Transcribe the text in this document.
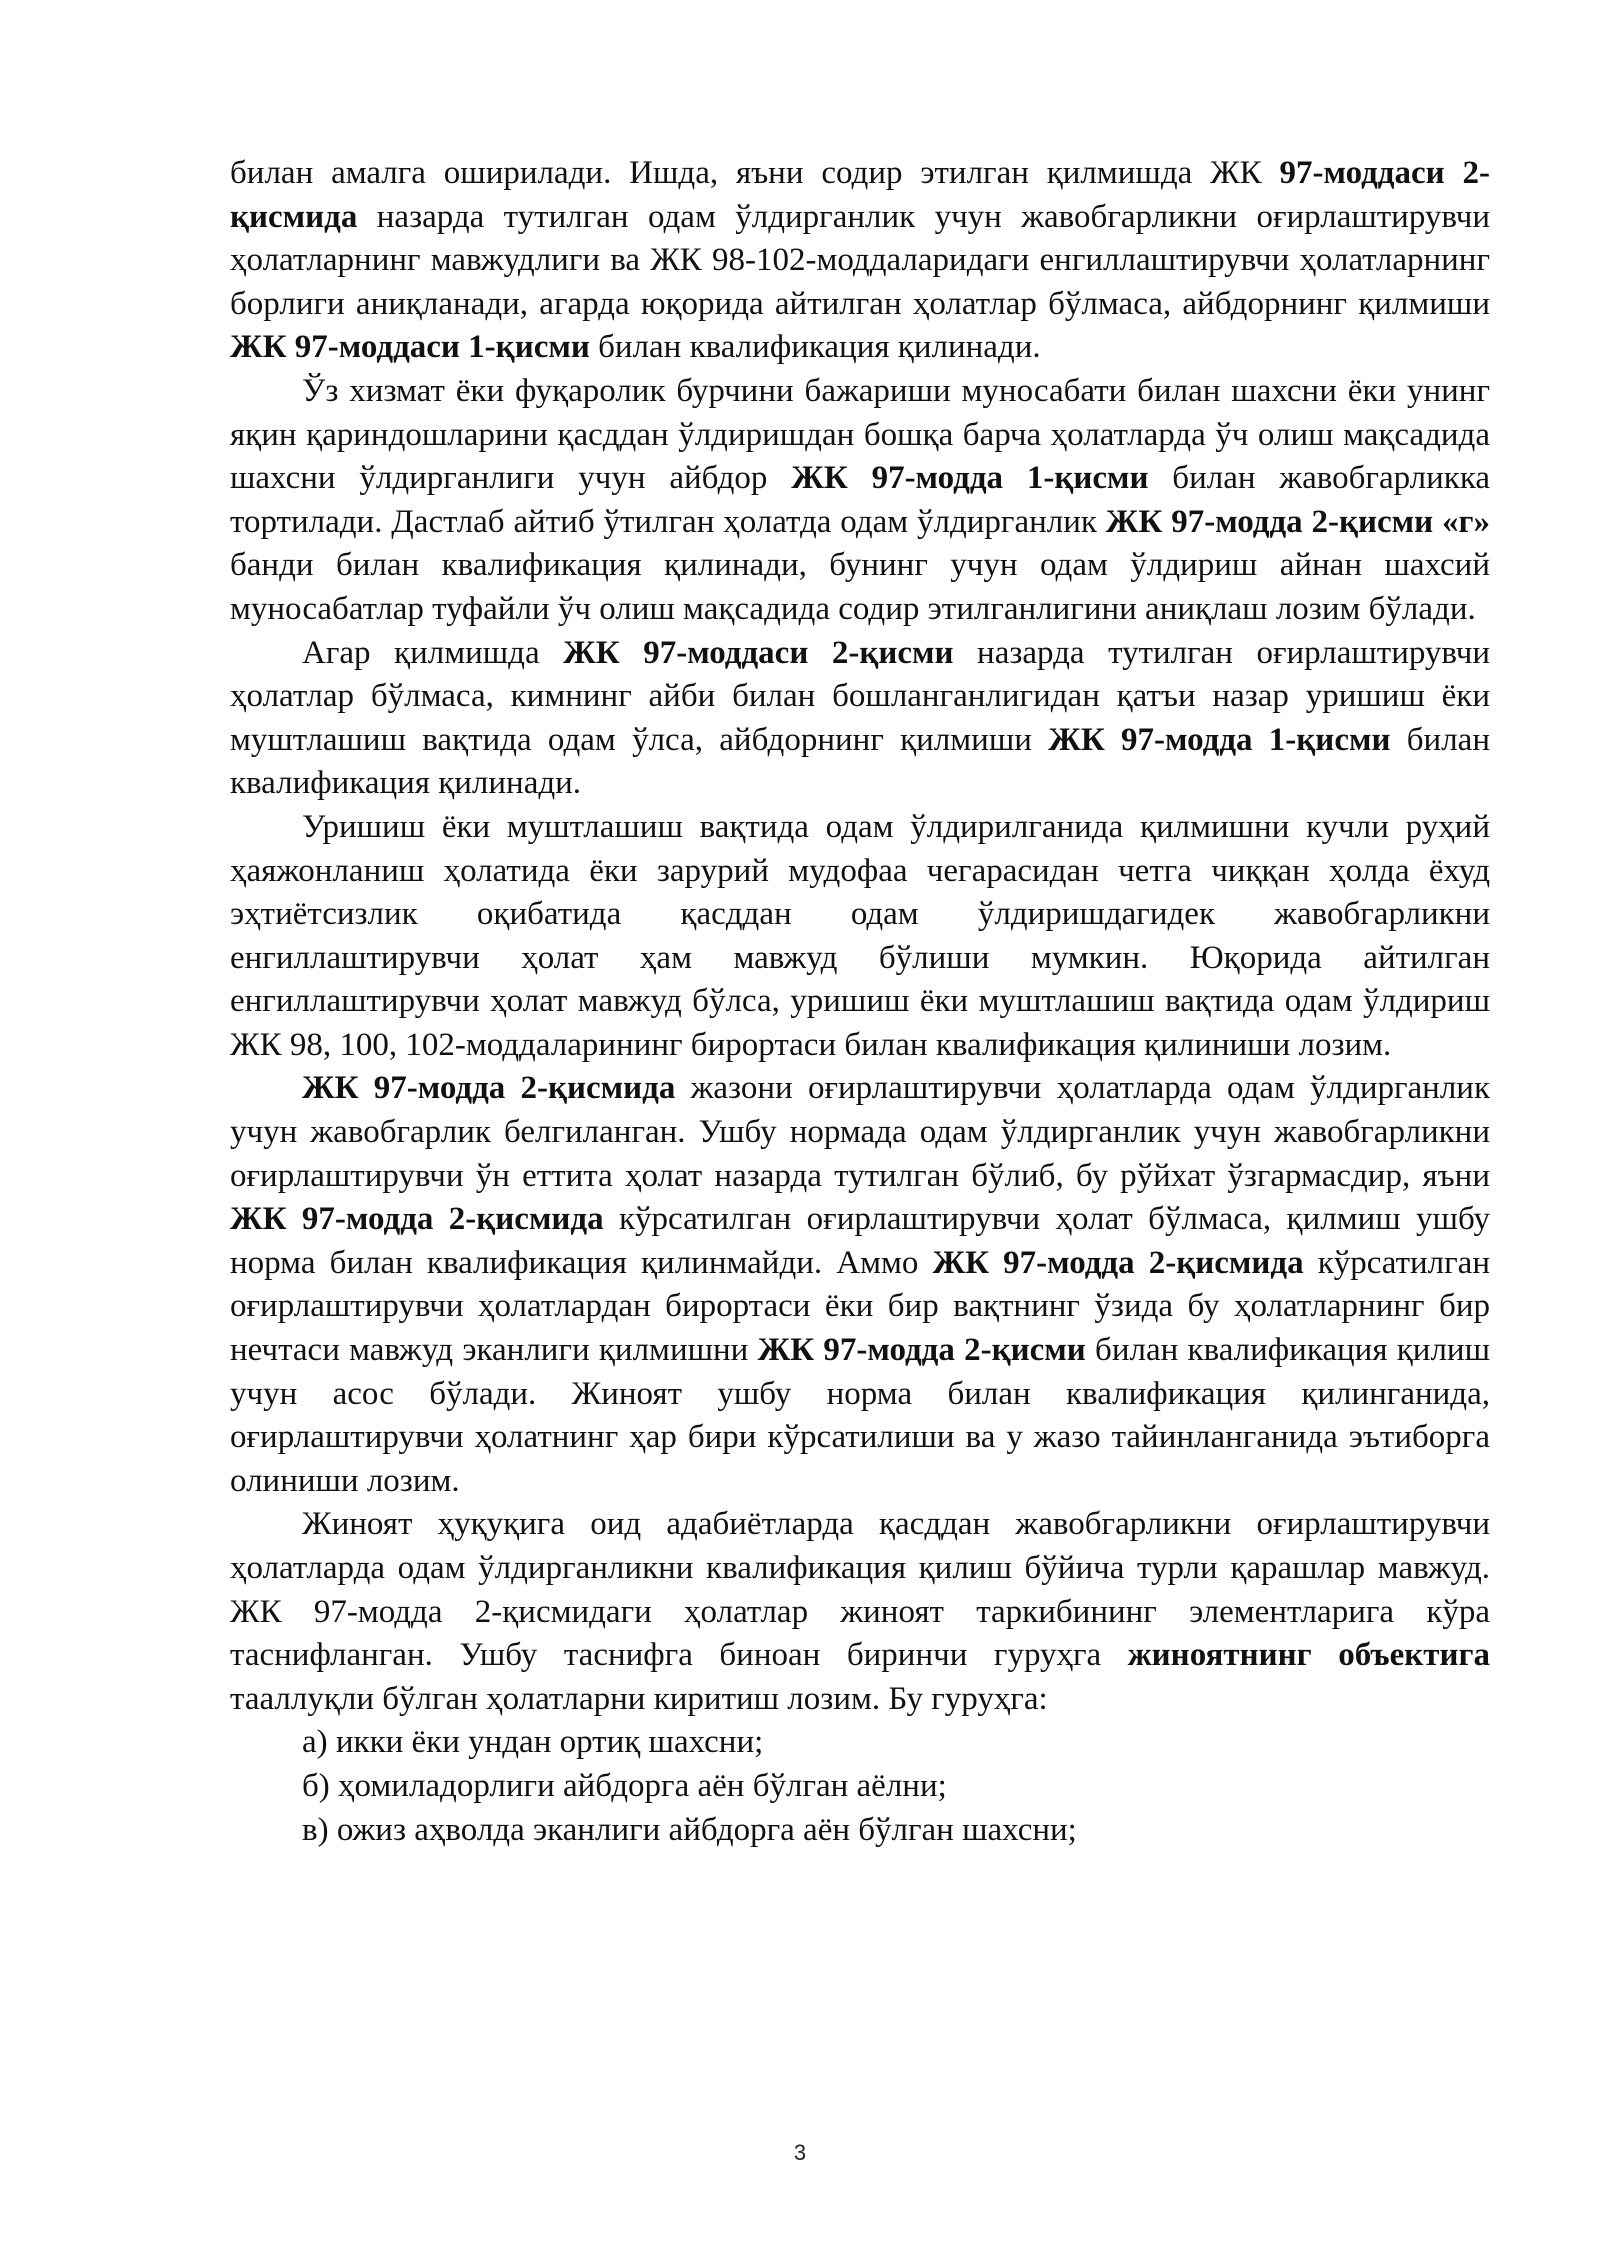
билан амалга оширилади. Ишда, яъни содир этилган қилмишда ЖК 97-моддаси 2-қисмида назарда тутилган одам ўлдирганлик учун жавобгарликни оғирлаштирувчи ҳолатларнинг мавжудлиги ва ЖК 98-102-моддаларидаги енгиллаштирувчи ҳолатларнинг борлиги аниқланади, агарда юқорида айтилган ҳолатлар бўлмаса, айбдорнинг қилмиши ЖК 97-моддаси 1-қисми билан квалификация қилинади.

Ўз хизмат ёки фуқаролик бурчини бажариши муносабати билан шахсни ёки унинг яқин қариндошларини қасддан ўлдиришдан бошқа барча ҳолатларда ўч олиш мақсадида шахсни ўлдирганлиги учун айбдор ЖК 97-модда 1-қисми билан жавобгарликка тортилади. Дастлаб айтиб ўтилган ҳолатда одам ўлдирганлик ЖК 97-модда 2-қисми «г» банди билан квалификация қилинади, бунинг учун одам ўлдириш айнан шахсий муносабатлар туфайли ўч олиш мақсадида содир этилганлигини аниқлаш лозим бўлади.

Агар қилмишда ЖК 97-моддаси 2-қисми назарда тутилган оғирлаштирувчи ҳолатлар бўлмаса, кимнинг айби билан бошланганлигидан қатъи назар уришиш ёки муштлашиш вақтида одам ўлса, айбдорнинг қилмиши ЖК 97-модда 1-қисми билан квалификация қилинади.

Уришиш ёки муштлашиш вақтида одам ўлдирилганида қилмишни кучли руҳий ҳаяжонланиш ҳолатида ёки зарурий мудофаа чегарасидан четга чиққан ҳолда ёхуд эҳтиётсизлик оқибатида қасддан одам ўлдиришдагидек жавобгарликни енгиллаштирувчи ҳолат ҳам мавжуд бўлиши мумкин. Юқорида айтилган енгиллаштирувчи ҳолат мавжуд бўлса, уришиш ёки муштлашиш вақтида одам ўлдириш ЖК 98, 100, 102-моддаларининг бирортаси билан квалификация қилиниши лозим.

ЖК 97-модда 2-қисмида жазони оғирлаштирувчи ҳолатларда одам ўлдирганлик учун жавобгарлик белгиланган. Ушбу нормада одам ўлдирганлик учун жавобгарликни оғирлаштирувчи ўн еттита ҳолат назарда тутилган бўлиб, бу рўйхат ўзгармасдир, яъни ЖК 97-модда 2-қисмида кўрсатилган оғирлаштирувчи ҳолат бўлмаса, қилмиш ушбу норма билан квалификация қилинмайди. Аммо ЖК 97-модда 2-қисмида кўрсатилган оғирлаштирувчи ҳолатлардан бирортаси ёки бир вақтнинг ўзида бу ҳолатларнинг бир нечтаси мавжуд эканлиги қилмишни ЖК 97-модда 2-қисми билан квалификация қилиш учун асос бўлади. Жиноят ушбу норма билан квалификация қилинганида, оғирлаштирувчи ҳолатнинг ҳар бири кўрсатилиши ва у жазо тайинланганида эътиборга олиниши лозим.

Жиноят ҳуқуқига оид адабиётларда қасддан жавобгарликни оғирлаштирувчи ҳолатларда одам ўлдирганликни квалификация қилиш бўйича турли қарашлар мавжуд. ЖК 97-модда 2-қисмидаги ҳолатлар жиноят таркибининг элементларига кўра таснифланган. Ушбу таснифга биноан биринчи гуруҳга жиноятнинг объектига тааллуқли бўлган ҳолатларни киритиш лозим. Бу гуруҳга:

а) икки ёки ундан ортиқ шахсни;

б) ҳомиладорлиги айбдорга аён бўлган аёлни;

в) ожиз аҳволда эканлиги айбдорга аён бўлган шахсни;

3
